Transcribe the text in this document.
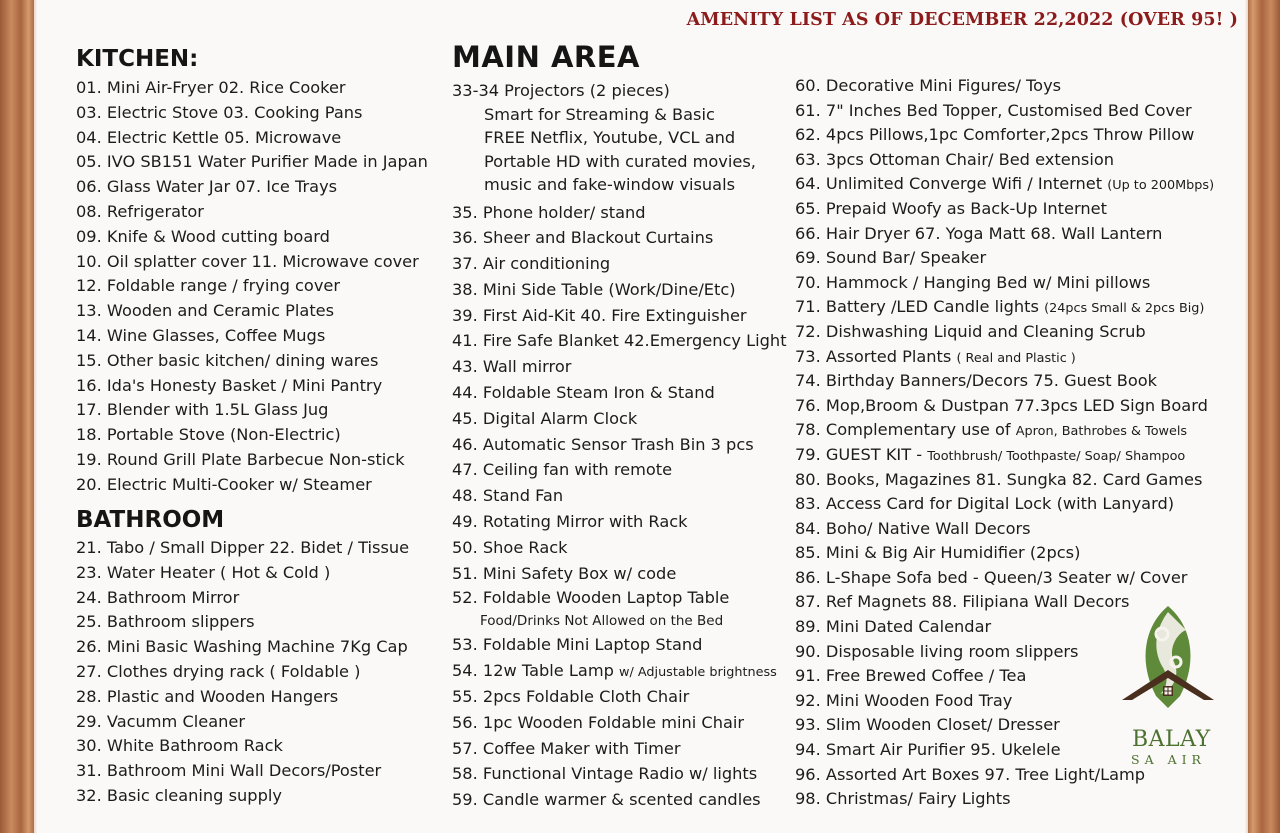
AMENITY LIST AS OF DECEMBER 22,2022 (OVER 95! )
KITCHEN:
01. Mini Air-Fryer 02. Rice Cooker
03. Electric Stove 03. Cooking Pans
04. Electric Kettle 05. Microwave
05. IVO SB151 Water Purifier Made in Japan
06. Glass Water Jar 07. Ice Trays
08. Refrigerator
09. Knife & Wood cutting board
10. Oil splatter cover 11. Microwave cover
12. Foldable range / frying cover
13. Wooden and Ceramic Plates
14. Wine Glasses, Coffee Mugs
15. Other basic kitchen/ dining wares
16. Ida's Honesty Basket / Mini Pantry
17. Blender with 1.5L Glass Jug
18. Portable Stove (Non-Electric)
19. Round Grill Plate Barbecue Non-stick
20. Electric Multi-Cooker w/ Steamer
BATHROOM
21. Tabo / Small Dipper 22. Bidet / Tissue
23. Water Heater ( Hot & Cold )
24. Bathroom Mirror
25. Bathroom slippers
26. Mini Basic Washing Machine 7Kg Cap
27. Clothes drying rack ( Foldable )
28. Plastic and Wooden Hangers
29. Vacumm Cleaner
30. White Bathroom Rack
31. Bathroom Mini Wall Decors/Poster
32. Basic cleaning supply
MAIN AREA
33-34 Projectors (2 pieces)
Smart for Streaming & Basic
FREE Netflix, Youtube, VCL and
Portable HD with curated movies,
music and fake-window visuals
35. Phone holder/ stand
36. Sheer and Blackout Curtains
37. Air conditioning
38. Mini Side Table (Work/Dine/Etc)
39. First Aid-Kit 40. Fire Extinguisher
41. Fire Safe Blanket 42.Emergency Light
43. Wall mirror
44. Foldable Steam Iron & Stand
45. Digital Alarm Clock
46. Automatic Sensor Trash Bin 3 pcs
47. Ceiling fan with remote
48. Stand Fan
49. Rotating Mirror with Rack
50. Shoe Rack
51. Mini Safety Box w/ code
52. Foldable Wooden Laptop Table
Food/Drinks Not Allowed on the Bed
53. Foldable Mini Laptop Stand
54. 12w Table Lamp w/ Adjustable brightness
55. 2pcs Foldable Cloth Chair
56. 1pc Wooden Foldable mini Chair
57. Coffee Maker with Timer
58. Functional Vintage Radio w/ lights
59. Candle warmer & scented candles
60. Decorative Mini Figures/ Toys
61. 7" Inches Bed Topper, Customised Bed Cover
62. 4pcs Pillows,1pc Comforter,2pcs Throw Pillow
63. 3pcs Ottoman Chair/ Bed extension
64. Unlimited Converge Wifi / Internet (Up to 200Mbps)
65. Prepaid Woofy as Back-Up Internet
66. Hair Dryer 67. Yoga Matt 68. Wall Lantern
69. Sound Bar/ Speaker
70. Hammock / Hanging Bed w/ Mini pillows
71. Battery /LED Candle lights (24pcs Small & 2pcs Big)
72. Dishwashing Liquid and Cleaning Scrub
73. Assorted Plants ( Real and Plastic )
74. Birthday Banners/Decors 75. Guest Book
76. Mop,Broom & Dustpan 77.3pcs LED Sign Board
78. Complementary use of Apron, Bathrobes & Towels
79. GUEST KIT - Toothbrush/ Toothpaste/ Soap/ Shampoo
80. Books, Magazines 81. Sungka 82. Card Games
83. Access Card for Digital Lock (with Lanyard)
84. Boho/ Native Wall Decors
85. Mini & Big Air Humidifier (2pcs)
86. L-Shape Sofa bed - Queen/3 Seater w/ Cover
87. Ref Magnets 88. Filipiana Wall Decors
89. Mini Dated Calendar
90. Disposable living room slippers
91. Free Brewed Coffee / Tea
92. Mini Wooden Food Tray
93. Slim Wooden Closet/ Dresser
94. Smart Air Purifier 95. Ukelele
96. Assorted Art Boxes 97. Tree Light/Lamp
98. Christmas/ Fairy Lights
BALAY
SA AIR
